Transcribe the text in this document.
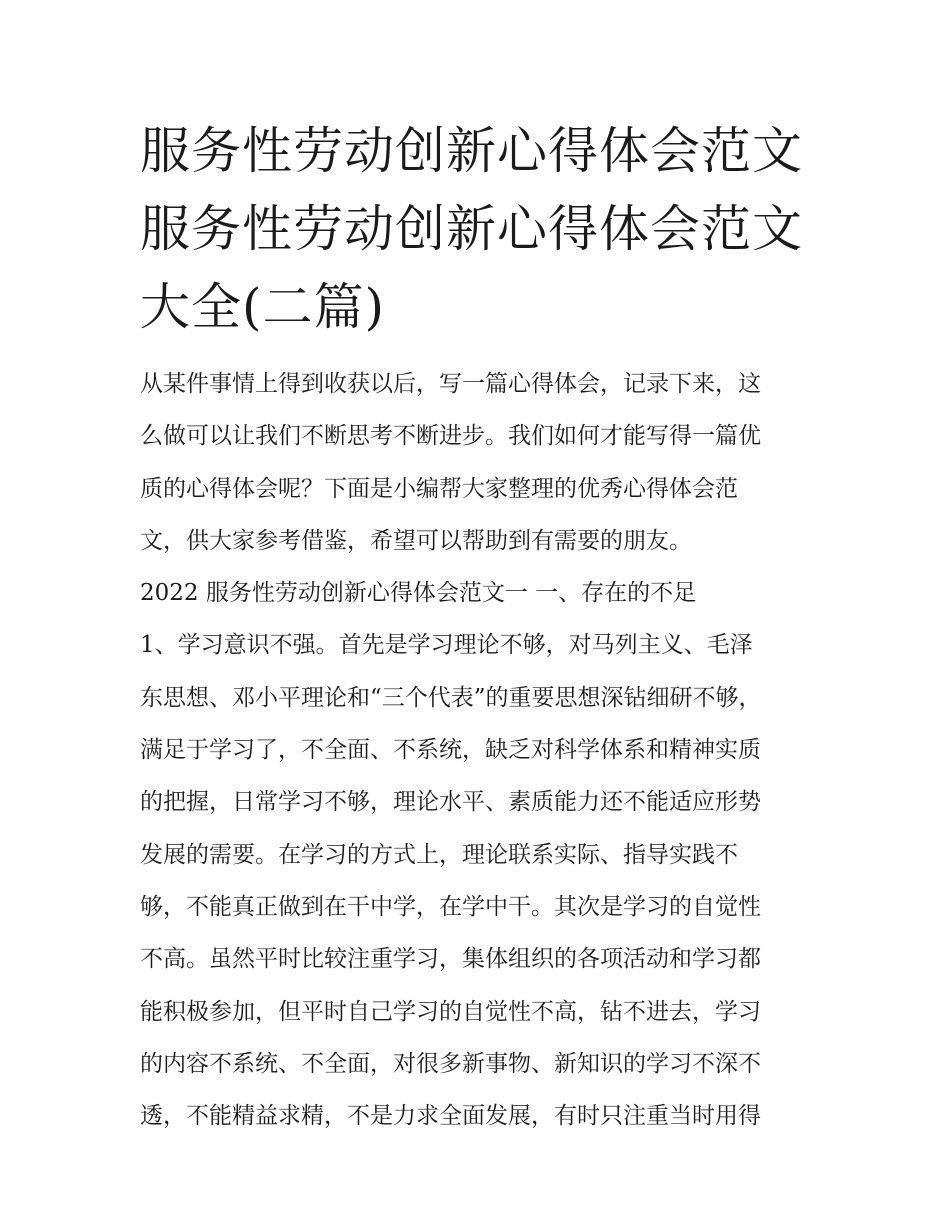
服务性劳动创新心得体会范文
服务性劳动创新心得体会范文
大全(二篇)
从某件事情上得到收获以后，写一篇心得体会，记录下来，这
么做可以让我们不断思考不断进步。我们如何才能写得一篇优
质的心得体会呢？下面是小编帮大家整理的优秀心得体会范
文，供大家参考借鉴，希望可以帮助到有需要的朋友。
2022 服务性劳动创新心得体会范文一 一、存在的不足
1、学习意识不强。首先是学习理论不够，对马列主义、毛泽
东思想、邓小平理论和“三个代表”的重要思想深钻细研不够，
满足于学习了，不全面、不系统，缺乏对科学体系和精神实质
的把握，日常学习不够，理论水平、素质能力还不能适应形势
发展的需要。在学习的方式上，理论联系实际、指导实践不
够，不能真正做到在干中学，在学中干。其次是学习的自觉性
不高。虽然平时比较注重学习，集体组织的各项活动和学习都
能积极参加，但平时自己学习的自觉性不高，钻不进去，学习
的内容不系统、不全面，对很多新事物、新知识的学习不深不
透，不能精益求精，不是力求全面发展，有时只注重当时用得
